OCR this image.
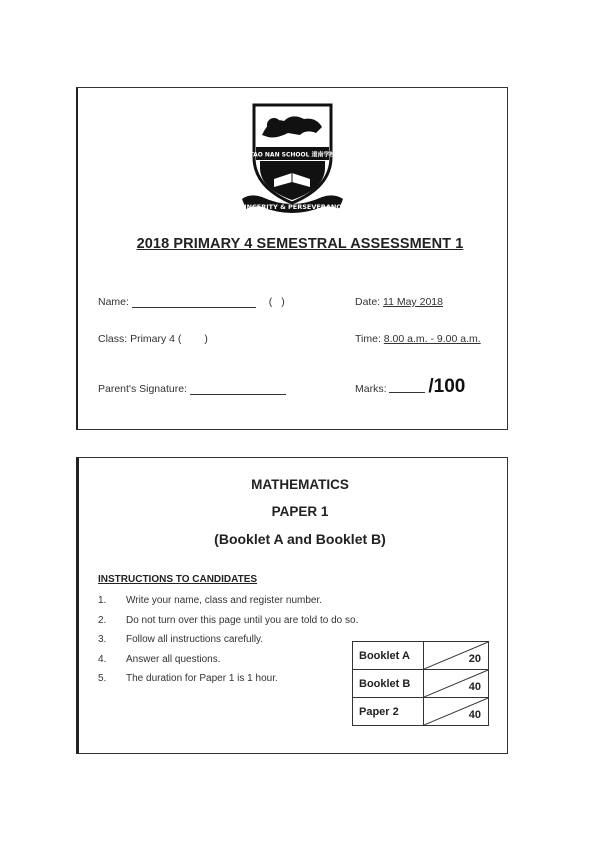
TAO NAN SCHOOL 道南学校
SINCERITY & PERSEVERANCE
2018 PRIMARY 4 SEMESTRAL ASSESSMENT 1
Name:	( )	Date: 11 May 2018
Class: Primary 4 ( )	Time: 8.00 a.m. - 9.00 a.m.
Parent's Signature:	Marks: /100
MATHEMATICS
PAPER 1
(Booklet A and Booklet B)
INSTRUCTIONS TO CANDIDATES
1. Write your name, class and register number.
2. Do not turn over this page until you are told to do so.
3. Follow all instructions carefully.
4. Answer all questions.
5. The duration for Paper 1 is 1 hour.
Booklet A	20

Booklet B	40

Paper 2	40
